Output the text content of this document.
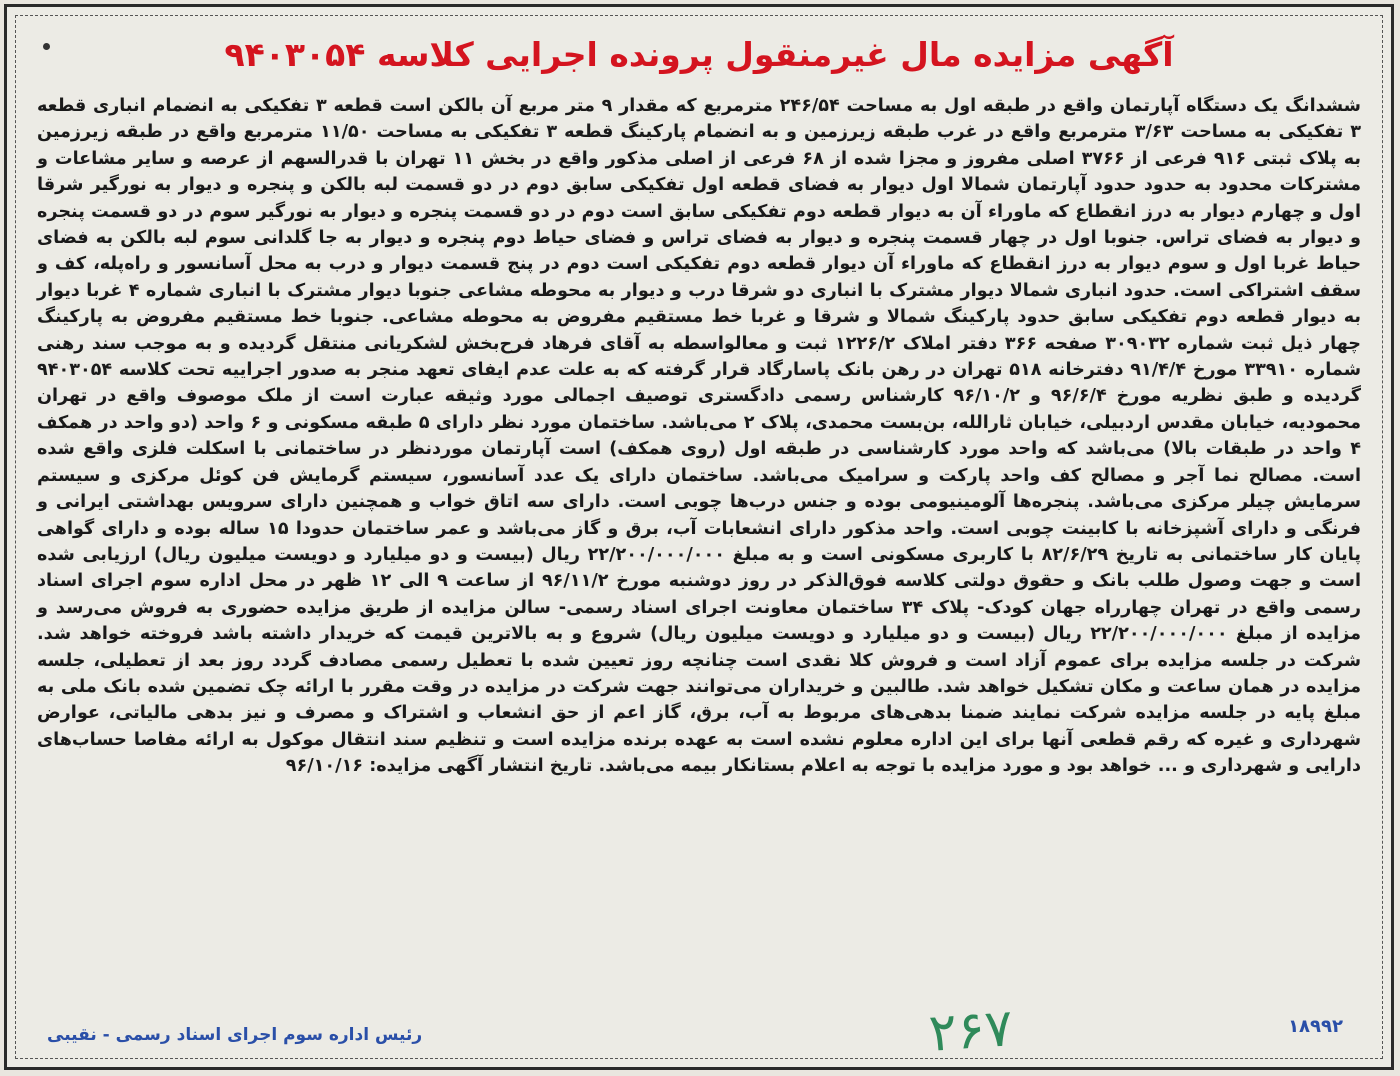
آگهی مزایده مال غیرمنقول پرونده اجرایی کلاسه ۹۴۰۳۰۵۴
ششدانگ یک دستگاه آپارتمان واقع در طبقه اول به مساحت ۲۴۶/۵۴ مترمربع که مقدار ۹ متر مربع آن بالکن است قطعه ۳ تفکیکی به انضمام انباری قطعه ۳ تفکیکی به مساحت ۳/۶۳ مترمربع واقع در غرب طبقه زیرزمین و به انضمام پارکینگ قطعه ۳ تفکیکی به مساحت ۱۱/۵۰ مترمربع واقع در طبقه زیرزمین به پلاک ثبتی ۹۱۶ فرعی از ۳۷۶۶ اصلی مفروز و مجزا شده از ۶۸ فرعی از اصلی مذکور واقع در بخش ۱۱ تهران با قدرالسهم از عرصه و سایر مشاعات و مشترکات محدود به حدود حدود آپارتمان شمالا اول دیوار به فضای قطعه اول تفکیکی سابق دوم در دو قسمت لبه بالکن و پنجره و دیوار به نورگیر شرقا اول و چهارم دیوار به درز انقطاع که ماوراء آن به دیوار قطعه دوم تفکیکی سابق است دوم در دو قسمت پنجره و دیوار به نورگیر سوم در دو قسمت پنجره و دیوار به فضای تراس. جنوبا اول در چهار قسمت پنجره و دیوار به فضای تراس و فضای حیاط دوم پنجره و دیوار به جا گلدانی سوم لبه بالکن به فضای حیاط غربا اول و سوم دیوار به درز انقطاع که ماوراء آن دیوار قطعه دوم تفکیکی است دوم در پنج قسمت دیوار و درب به محل آسانسور و راه‌پله، کف و سقف اشتراکی است. حدود انباری شمالا دیوار مشترک با انباری دو شرقا درب و دیوار به محوطه مشاعی جنوبا دیوار مشترک با انباری شماره ۴ غربا دیوار به دیوار قطعه دوم تفکیکی سابق حدود پارکینگ شمالا و شرقا و غربا خط مستقیم مفروض به محوطه مشاعی. جنوبا خط مستقیم مفروض به پارکینگ چهار ذیل ثبت شماره ۳۰۹۰۳۲ صفحه ۳۶۶ دفتر املاک ۱۲۲۶/۲ ثبت و معالواسطه به آقای فرهاد فرح‌بخش لشکریانی منتقل گردیده و به موجب سند رهنی شماره ۳۳۹۱۰ مورخ ۹۱/۴/۴ دفترخانه ۵۱۸ تهران در رهن بانک پاسارگاد قرار گرفته که به علت عدم ایفای تعهد منجر به صدور اجراییه تحت کلاسه ۹۴۰۳۰۵۴ گردیده و طبق نظریه مورخ ۹۶/۶/۴ و ۹۶/۱۰/۲ کارشناس رسمی دادگستری توصیف اجمالی مورد وثیقه عبارت است از ملک موصوف واقع در تهران محمودیه، خیابان مقدس اردبیلی، خیابان ثارالله، بن‌بست محمدی، پلاک ۲ می‌باشد. ساختمان مورد نظر دارای ۵ طبقه مسکونی و ۶ واحد (دو واحد در همکف ۴ واحد در طبقات بالا) می‌باشد که واحد مورد کارشناسی در طبقه اول (روی همکف) است آپارتمان موردنظر در ساختمانی با اسکلت فلزی واقع شده است. مصالح نما آجر و مصالح کف واحد پارکت و سرامیک می‌باشد. ساختمان دارای یک عدد آسانسور، سیستم گرمایش فن کوئل مرکزی و سیستم سرمایش چیلر مرکزی می‌باشد. پنجره‌ها آلومینیومی بوده و جنس درب‌ها چوبی است. دارای سه اتاق خواب و همچنین دارای سرویس بهداشتی ایرانی و فرنگی و دارای آشپزخانه با کابینت چوبی است. واحد مذکور دارای انشعابات آب، برق و گاز می‌باشد و عمر ساختمان حدودا ۱۵ ساله بوده و دارای گواهی پایان کار ساختمانی به تاریخ ۸۲/۶/۲۹ با کاربری مسکونی است و به مبلغ ۲۲/۲۰۰/۰۰۰/۰۰۰ ریال (بیست و دو میلیارد و دویست میلیون ریال) ارزیابی شده است و جهت وصول طلب بانک و حقوق دولتی کلاسه فوق‌الذکر در روز دوشنبه مورخ ۹۶/۱۱/۲ از ساعت ۹ الی ۱۲ ظهر در محل اداره سوم اجرای اسناد رسمی واقع در تهران چهارراه جهان کودک- پلاک ۳۴ ساختمان معاونت اجرای اسناد رسمی- سالن مزایده از طریق مزایده حضوری به فروش می‌رسد و مزایده از مبلغ ۲۲/۲۰۰/۰۰۰/۰۰۰ ریال (بیست و دو میلیارد و دویست میلیون ریال) شروع و به بالاترین قیمت که خریدار داشته باشد فروخته خواهد شد. شرکت در جلسه مزایده برای عموم آزاد است و فروش کلا نقدی است چنانچه روز تعیین شده با تعطیل رسمی مصادف گردد روز بعد از تعطیلی، جلسه مزایده در همان ساعت و مکان تشکیل خواهد شد. طالبین و خریداران می‌توانند جهت شرکت در مزایده در وقت مقرر با ارائه چک تضمین شده بانک ملی به مبلغ پایه در جلسه مزایده شرکت نمایند ضمنا بدهی‌های مربوط به آب، برق، گاز اعم از حق انشعاب و اشتراک و مصرف و نیز بدهی مالیاتی، عوارض شهرداری و غیره که رقم قطعی آنها برای این اداره معلوم نشده است به عهده برنده مزایده است و تنظیم سند انتقال موکول به ارائه مفاصا حساب‌های دارایی و شهرداری و ... خواهد بود و مورد مزایده با توجه به اعلام بستانکار بیمه می‌باشد. تاریخ انتشار آگهی مزایده: ۹۶/۱۰/۱۶
۱۸۹۹۲
رئیس اداره سوم اجرای اسناد رسمی - نقیبی	۲۶۷
